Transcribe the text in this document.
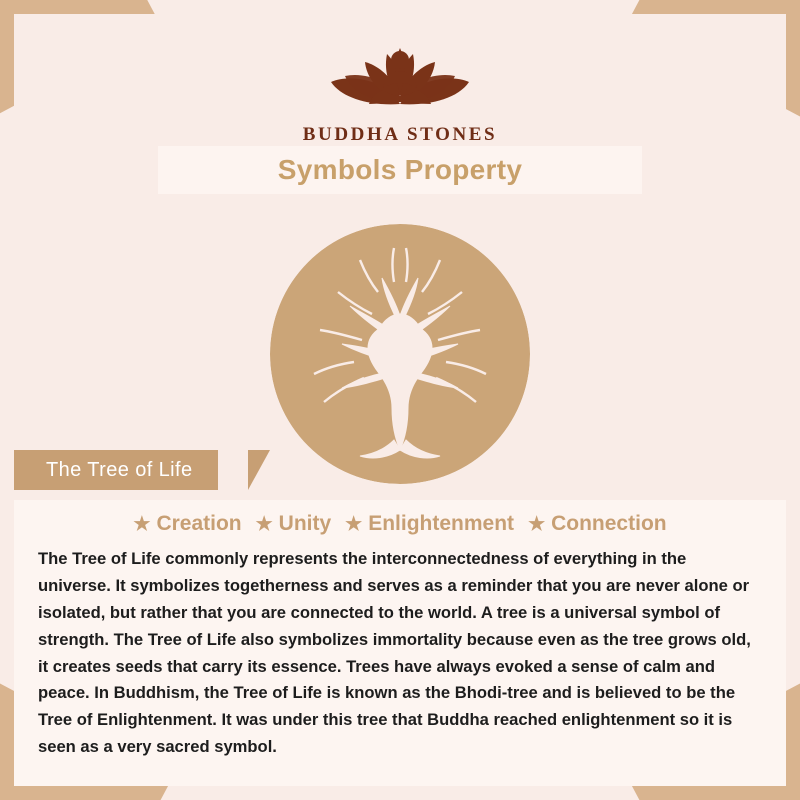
BUDDHA STONES
Symbols Property
The Tree of Life
★ Creation ★ Unity ★ Enlightenment ★ Connection

The Tree of Life commonly represents the interconnectedness of everything in the universe. It symbolizes togetherness and serves as a reminder that you are never alone or isolated, but rather that you are connected to the world. A tree is a universal symbol of strength. The Tree of Life also symbolizes immortality because even as the tree grows old, it creates seeds that carry its essence. Trees have always evoked a sense of calm and peace. In Buddhism, the Tree of Life is known as the Bhodi-tree and is believed to be the Tree of Enlightenment. It was under this tree that Buddha reached enlightenment so it is seen as a very sacred symbol.
